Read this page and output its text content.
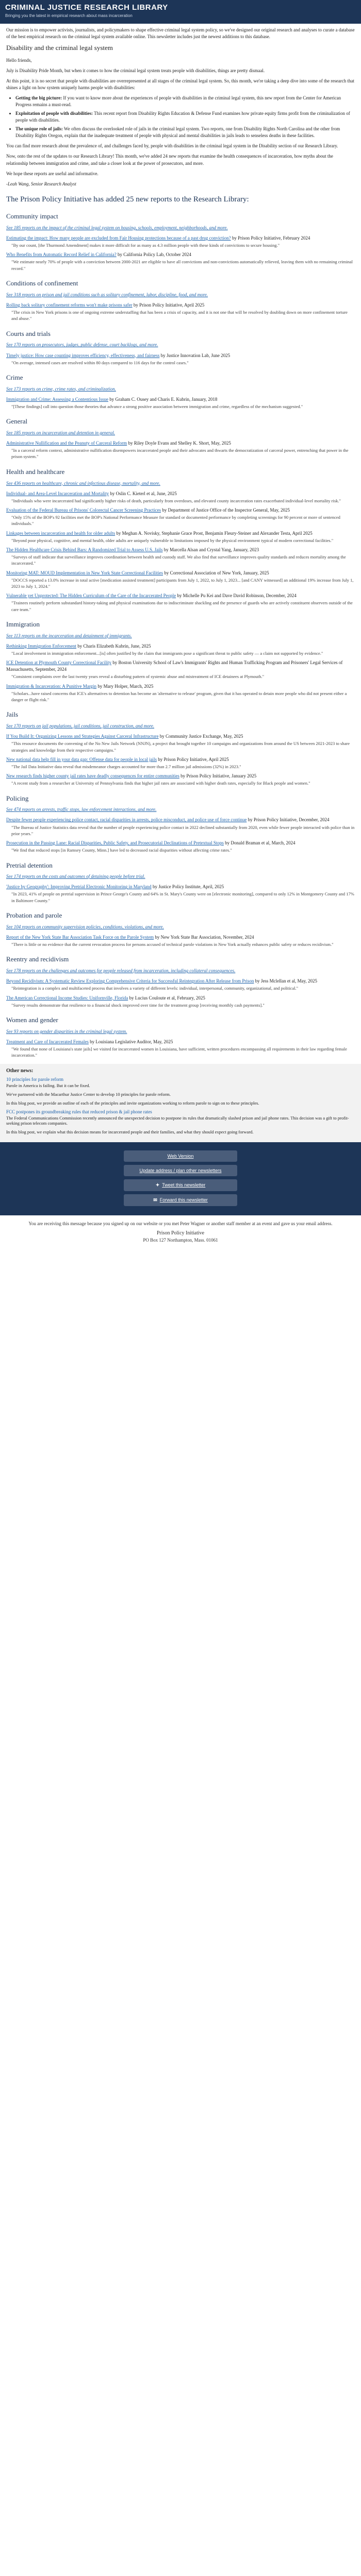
CRIMINAL JUSTICE RESEARCH LIBRARY
Bringing you the latest in empirical research about mass incarceration

Our mission is to empower activists, journalists, and policymakers to shape effective criminal legal system policy, so we've designed our original research and analyses to curate a database of the best empirical research on the criminal legal system available online. This newsletter includes just the newest additions to this database.

Disability and the criminal legal system

Hello friends,

July is Disability Pride Month, but when it comes to how the criminal legal system treats people with disabilities, things are pretty dismaal.

At this point, it is no secret that people with disabilities are overrepresented at all stages of the criminal legal system. So, this month, we're taking a deep dive into some of the research that shines a light on how system uniquely harms people with disabilities:

• Getting the big picture: If you want to know more about the experiences of people with disabilities in the criminal legal system, this new report from the Center for American Progress remains a must-read.
• Exploitation of people with disabilities: This recent report from Disability Rights Education & Defense Fund examines how private equity firms profit from the criminalization of people with disabilities.
• The unique role of jails: We often discuss the overlooked role of jails in the criminal legal system. Two reports, one from Disability Rights North Carolina and the other from Disability Rights Oregon, explain that the inadequate treatment of people with physical and mental disabilities in jails leads to senseless deaths in these facilities.

You can find more research about the prevalence of, and challenges faced by, people with disabilities in the criminal legal system in the Disability section of our Research Library.

Now, onto the rest of the updates to our Research Library! This month, we've added 24 new reports that examine the health consequences of incarceration, how myths about the relationship between immigration and crime, and take a closer look at the power of prosecutors, and more.

We hope these reports are useful and informative.

-Leah Wang, Senior Research Analyst

The Prison Policy Initiative has added 25 new reports to the Research Library:
Community impact

See 185 reports on the impact of the criminal legal system on housing, schools, employment, neighborhoods, and more.

Estimating the impact: How many people are excluded from Fair Housing protections because of a past drug conviction? by Prison Policy Initiative, February 2024
"By our count, [the Thurmond Amendment] makes it more difficult for as many as 4.3 million people with these kinds of convictions to secure housing."
Who Benefits from Automatic Record Relief in California? by California Policy Lab, October 2024
"We estimate nearly 70% of people with a conviction between 2000-2021 are eligible to have all convictions and non-convictions automatically relieved, leaving them with no remaining criminal record."
Conditions of confinement

See 318 reports on prison and jail conditions such as solitary confinement, labor, discipline, food, and more.

Rolling back solitary confinement reforms won't make prisons safer by Prison Policy Initiative, April 2025
"The crisis in New York prisons is one of ongoing extreme understaffing that has been a crisis of capacity, and it is not one that will be resolved by doubling down on more confinement torture and abuse."
Courts and trials

See 170 reports on prosecutors, judges, public defense, court backlogs, and more.

Timely justice: How case counting improves efficiency, effectiveness, and fairness by Justice Innovation Lab, June 2025
"On average, intensed cases are resolved within 80 days compared to 116 days for the control cases."
Crime

See 173 reports on crime, crime rates, and criminalization.

Immigration and Crime: Assessing a Contentious Issue by Graham C. Ousey and Charis E. Kubrin, January, 2018
"[These findings] call into question those theories that advance a strong positive association between immigration and crime, regardless of the mechanism suggested."
General

See 185 reports on incarceration and detention in general.

Administrative Nullification and the Peanuty of Carceral Reform by Riley Doyle Evans and Shelley K. Short, May, 2025
"In a carceral reform context, administrative nullification disempowers incarcerated people and their advocates and thwarts the democratization of carceral power, entrenching that power in the prison system."
Health and healthcare

See 436 reports on healthcare, chronic and infectious disease, mortality, and more.

Individual- and Area-Level Incarceration and Mortality by Oslin C. Kieterl et al, June, 2025
"Individuals who were incarcerated had significantly higher risks of death, particularly from overdoses, and elevated county incarceration rates exacerbated individual-level mortality risk."
Evaluation of the Federal Bureau of Prisons' Colorectal Cancer Screening Practices by Department of Justice Office of the Inspector General, May, 2025
"Only 15% of the BOP's 92 facilities met the BOP's National Performance Measure for standard or documented performance by completing screenings for 90 percent or more of sentenced individuals."
Linkages between incarceration and health for older adults by Meghan A. Novisky, Stephanie Grace Prost, Benjamin Fleury-Steiner and Alexander Testa, April 2025
"Beyond poor physical, cognitive, and mental health, older adults are uniquely vulnerable to limitations imposed by the physical environment typical of modern correctional facilities."
The Hidden Healthcare Crisis Behind Bars: A Randomized Trial to Assess U.S. Jails by Marcella Alsan and Crystal Yang, January, 2023
"Surveys of staff indicate that surveillance improves coordination between health and custody staff. We also find that surveillance improves quality standards and reduces mortality among the incarcerated."
Monitoring MAT: MOUD Implementation in New York State Correctional Facilities by Correctional Association of New York, January, 2025
"DOCCS reported a 13.0% increase in total active [medication assisted treatment] participants from July 1, 2022, to July 1, 2023... [and CANY witnessed] an additional 19% increase from July 1, 2023 to July 1, 2024."
Vulnerable yet Unprotected: The Hidden Curriculum of the Care of the Incarcerated People by Michelle Pu Kei and Dave David Robinson, December, 2024
"Trainees routinely perform substandard history-taking and physical examinations due to indiscriminate shackling and the presence of guards who are actively constituent observers outside of the care team."
Immigration

See 113 reports on the incarceration and detainment of immigrants.

Rethinking Immigration Enforcement by Charis Elizabeth Kubrin, June, 2025
"Local involvement in immigration enforcement...[is] often justified by the claim that immigrants pose a significant threat to public safety — a claim not supported by evidence."
ICE Detention at Plymouth County Correctional Facility by Boston University School of Law's Immigrants' Rights and Human Trafficking Program and Prisoners' Legal Services of Massachusetts, September, 2024
"Consistent complaints over the last twenty years reveal a disturbing pattern of systemic abuse and mistreatment of ICE detainees at Plymouth."
Immigration & Incarceration: A Punitive Margin by Mary Holper, March, 2025
"Scholars...have raised concerns that ICE's alternatives to detention has become an 'alternative to release' program, given that it has operated to detain more people who did not present either a danger or flight risk."
Jails

See 170 reports on jail populations, jail conditions, jail construction, and more.

If You Build It: Organizing Lessons and Strategies Against Carceral Infrastructure by Community Justice Exchange, May, 2025
"This resource documents the convening of the No New Jails Network (NNJN), a project that brought together 10 campaigns and organizations from around the US between 2021-2023 to share strategies and knowledge from their respective campaigns."
New national data help fill in your data gap: Offense data for people in local jails by Prison Policy Initiative, April 2025
"The Jail Data Initiative data reveal that misdemeanor charges accounted for more than 2.7 million jail admissions (32%) in 2023."
New research finds higher county jail rates have deadly consequences for entire communities by Prison Policy Initiative, January 2025
"A recent study from a researcher at University of Pennsylvania finds that higher jail rates are associated with higher death rates, especially for Black people and women."
Policing

See 474 reports on arrests, traffic stops, law enforcement interactions, and more.

Despite fewer people experiencing police contact, racial disparities in arrests, police misconduct, and police use of force continue by Prison Policy Initiative, December, 2024
"The Bureau of Justice Statistics data reveal that the number of people experiencing police contact in 2022 declined substantially from 2020, even while fewer people interacted with police than in prior years."
Prosecution in the Passing Lane: Racial Disparities, Public Safety, and Prosecutorial Declinations of Pretextual Stops by Donald Braman et al, March, 2024
"We find that reduced stops [in Ramsey County, Minn.] have led to decreased racial disparities without affecting crime rates."
Pretrial detention

See 174 reports on the costs and outcomes of detaining people before trial.

'Justice by Geography': Improving Pretrial Electronic Monitoring in Maryland by Justice Policy Institute, April, 2025
"In 2023, 41% of people on pretrial supervision in Prince George's County and 64% in St. Mary's County were on [electronic monitoring], compared to only 12% in Montgomery County and 17% in Baltimore County."
Probation and parole

See 104 reports on community supervision policies, conditions, violations, and more.

Report of the New York State Bar Association Task Force on the Parole System by New York State Bar Association, November, 2024
"There is little or no evidence that the current revocation process for persons accused of technical parole violations in New York actually enhances public safety or reduces recidivism."
Reentry and recidivism

See 178 reports on the challenges and outcomes for people released from incarceration, including collateral consequences.

Beyond Recidivism: A Systematic Review Exploring Comprehensive Criteria for Successful Reintegration After Release from Prison by Jess Mclellan et al, May, 2025
"Reintegration is a complex and multifaceted process that involves a variety of different levels: individual, interpersonal, community, organizational, and political."
The American Correctional Income Studies: Unifornville, Florida by Lucius Couloute et al, February, 2025
"Survey results demonstrate that resilience to a financial shock improved over time for the treatment group [receiving monthly cash payments]."
Women and gender

See 93 reports on gender disparities in the criminal legal system.

Treatment and Care of Incarcerated Females by Louisiana Legislative Auditor, May, 2025
"We found that none of Louisiana's state jails] we visited for incarcerated women in Louisiana, have sufficient, written procedures encompassing all requirements in their law regarding female incarceration."
Other news:
10 principles for parole reform

Parole in America is failing. But it can be fixed.

We've partnered with the Macarthur Justice Center to develop 10 principles for parole reform.

In this blog post, we provide an outline of each of the principles and invite organizations working to reform parole to sign on to these principles.

FCC postpones its groundbreaking rules that reduced prison & jail phone rates

The Federal Communications Commission recently announced the unexpected decision to postpone its rules that dramatically slashed prison and jail phone rates. This decision was a gift to profit-seeking prison telecom companies.

In this blog post, we explain what this decision means for incarcerated people and their families, and what they should expect going forward.

Web Version
Update address / plan other newsletters
✦ Tweet this newsletter
✉ Forward this newsletter
You are receiving this message because you signed up on our website or you met Peter Wagner or another staff member at an event and gave us your email address.
Prison Policy Initiative
PO Box 127 Northampton, Mass. 01061
